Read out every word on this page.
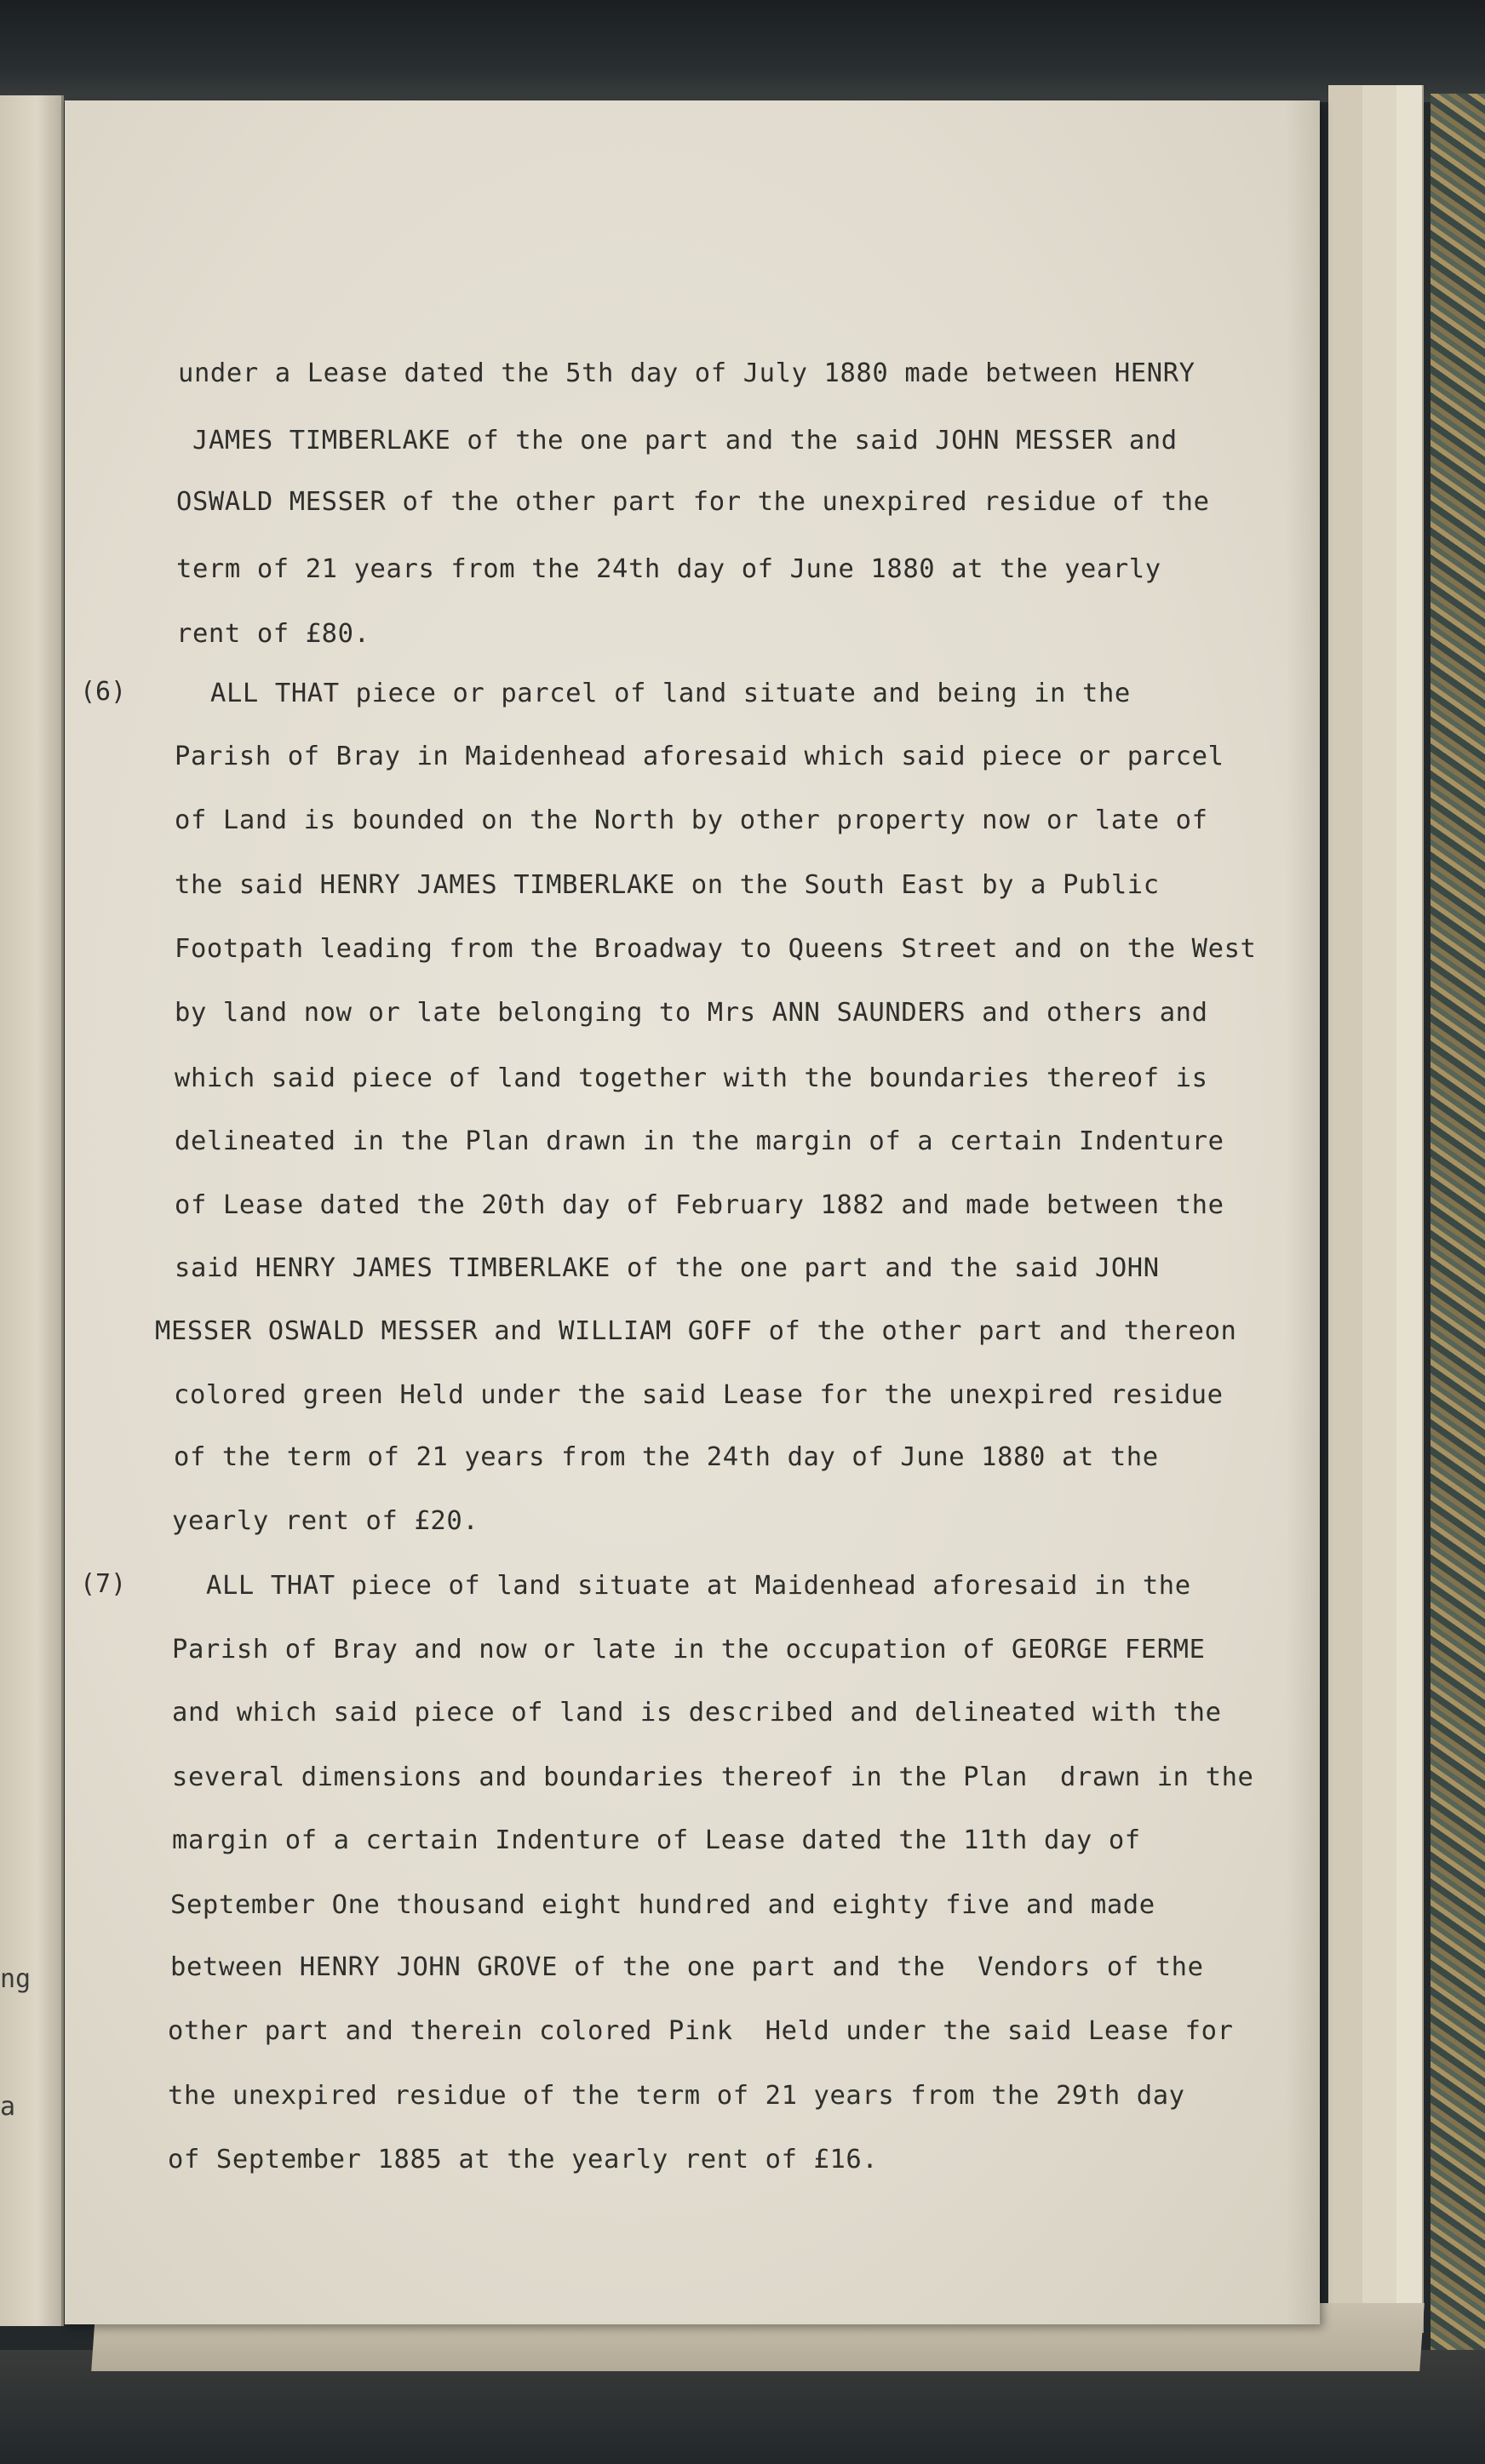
ng
a
under a Lease dated the 5th day of July 1880 made between HENRY
JAMES TIMBERLAKE of the one part and the said JOHN MESSER and
OSWALD MESSER of the other part for the unexpired residue of the
term of 21 years from the 24th day of June 1880 at the yearly
rent of £80.
(6)	ALL THAT piece or parcel of land situate and being in the
Parish of Bray in Maidenhead aforesaid which said piece or parcel
of Land is bounded on the North by other property now or late of
the said HENRY JAMES TIMBERLAKE on the South East by a Public
Footpath leading from the Broadway to Queens Street and on the West
by land now or late belonging to Mrs ANN SAUNDERS and others and
which said piece of land together with the boundaries thereof is
delineated in the Plan drawn in the margin of a certain Indenture
of Lease dated the 20th day of February 1882 and made between the
said HENRY JAMES TIMBERLAKE of the one part and the said JOHN
MESSER OSWALD MESSER and WILLIAM GOFF of the other part and thereon
colored green Held under the said Lease for the unexpired residue
of the term of 21 years from the 24th day of June 1880 at the
yearly rent of £20.
(7)	ALL THAT piece of land situate at Maidenhead aforesaid in the
Parish of Bray and now or late in the occupation of GEORGE FERME
and which said piece of land is described and delineated with the
several dimensions and boundaries thereof in the Plan  drawn in the
margin of a certain Indenture of Lease dated the 11th day of
September One thousand eight hundred and eighty five and made
between HENRY JOHN GROVE of the one part and the  Vendors of the
other part and therein colored Pink  Held under the said Lease for
the unexpired residue of the term of 21 years from the 29th day
of September 1885 at the yearly rent of £16.
